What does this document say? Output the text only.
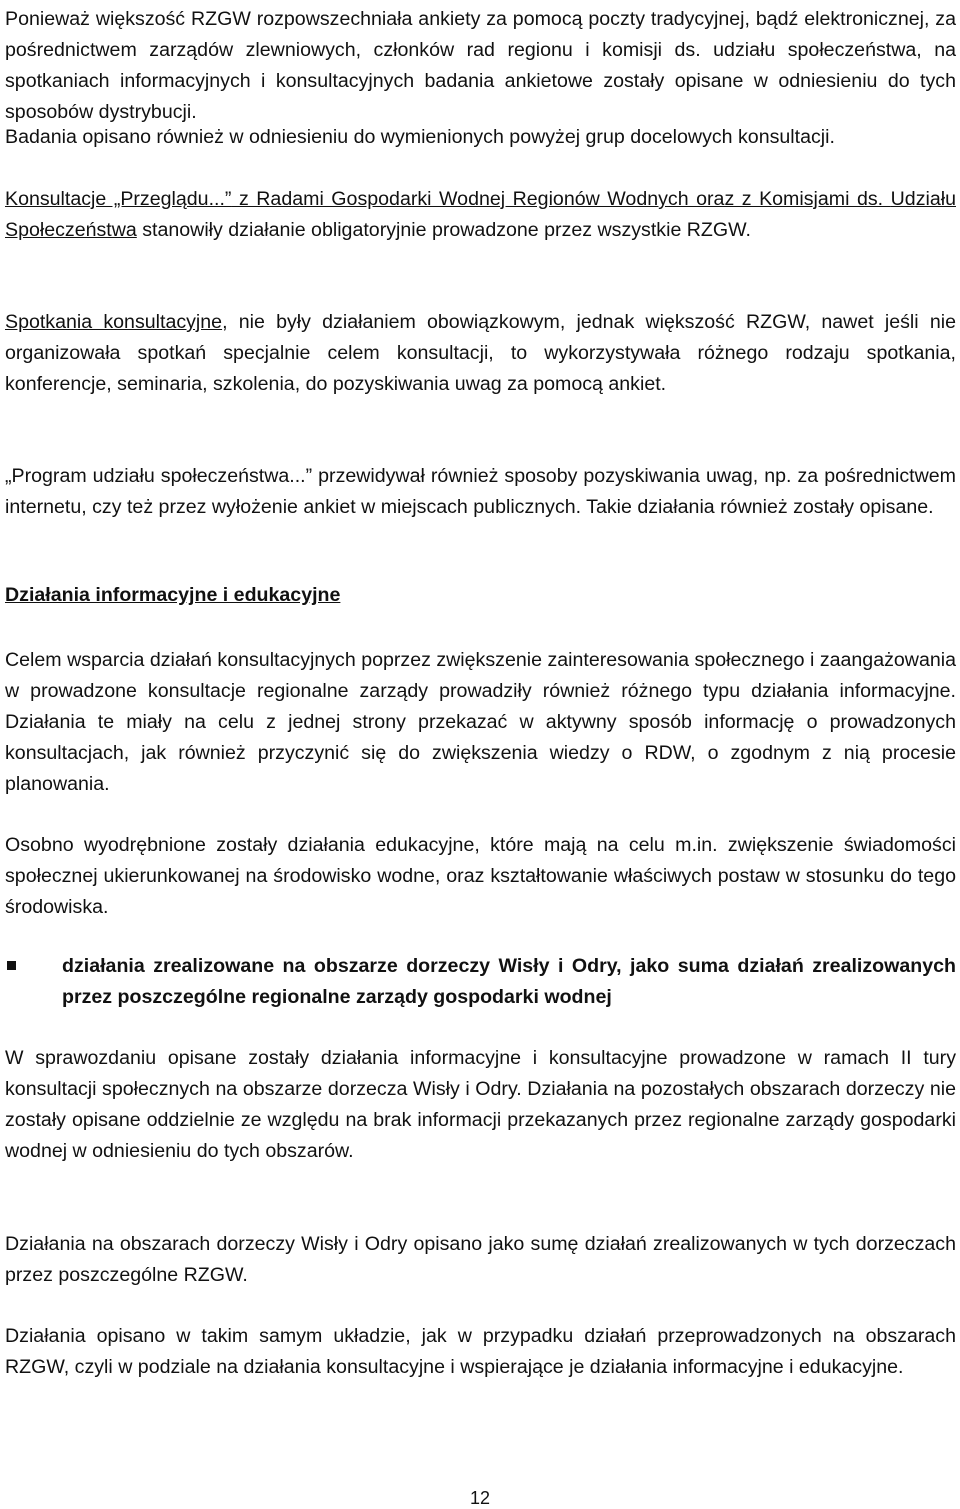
Ponieważ większość RZGW rozpowszechniała ankiety za pomocą poczty tradycyjnej, bądź elektronicznej, za pośrednictwem zarządów zlewniowych, członków rad regionu i komisji ds. udziału społeczeństwa, na spotkaniach informacyjnych i konsultacyjnych badania ankietowe zostały opisane w odniesieniu do tych sposobów dystrybucji.

Badania opisano również w odniesieniu do wymienionych powyżej grup docelowych konsultacji.

Konsultacje „Przeglądu...” z Radami Gospodarki Wodnej Regionów Wodnych oraz z Komisjami ds. Udziału Społeczeństwa stanowiły działanie obligatoryjnie prowadzone przez wszystkie RZGW.

Spotkania konsultacyjne, nie były działaniem obowiązkowym, jednak większość RZGW, nawet jeśli nie organizowała spotkań specjalnie celem konsultacji, to wykorzystywała różnego rodzaju spotkania, konferencje, seminaria, szkolenia, do pozyskiwania uwag za pomocą ankiet.

„Program udziału społeczeństwa...” przewidywał również sposoby pozyskiwania uwag, np. za pośrednictwem internetu, czy też przez wyłożenie ankiet w miejscach publicznych. Takie działania również zostały opisane.

Działania informacyjne i edukacyjne

Celem wsparcia działań konsultacyjnych poprzez zwiększenie zainteresowania społecznego i zaangażowania w prowadzone konsultacje regionalne zarządy prowadziły również różnego typu działania informacyjne. Działania te miały na celu z jednej strony przekazać w aktywny sposób informację o prowadzonych konsultacjach, jak również przyczynić się do zwiększenia wiedzy o RDW, o zgodnym z nią procesie planowania.

Osobno wyodrębnione zostały działania edukacyjne, które mają na celu m.in. zwiększenie świadomości społecznej ukierunkowanej na środowisko wodne, oraz kształtowanie właściwych postaw w stosunku do tego środowiska.

działania zrealizowane na obszarze dorzeczy Wisły i Odry, jako suma działań zrealizowanych przez poszczególne regionalne zarządy gospodarki wodnej

W sprawozdaniu opisane zostały działania informacyjne i konsultacyjne prowadzone w ramach II tury konsultacji społecznych na obszarze dorzecza Wisły i Odry. Działania na pozostałych obszarach dorzeczy nie zostały opisane oddzielnie ze względu na brak informacji przekazanych przez regionalne zarządy gospodarki wodnej w odniesieniu do tych obszarów.

Działania na obszarach dorzeczy Wisły i Odry opisano jako sumę działań zrealizowanych w tych dorzeczach przez poszczególne RZGW.

Działania opisano w takim samym układzie, jak w przypadku działań przeprowadzonych na obszarach RZGW, czyli w podziale na działania konsultacyjne i wspierające je działania informacyjne i edukacyjne.

12
